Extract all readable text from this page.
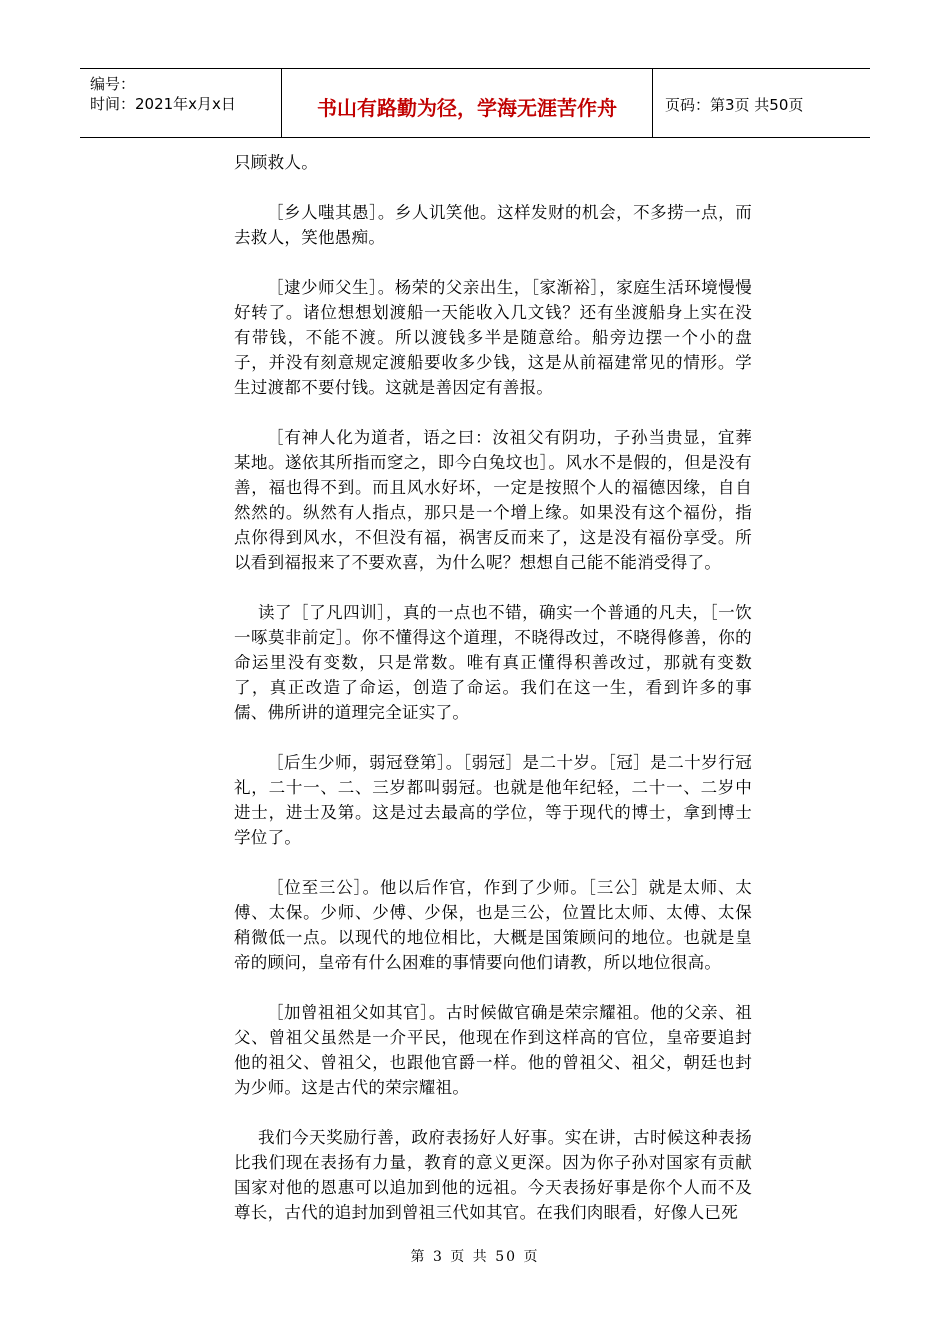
编号：
时间：2021年x月x日	书山有路勤为径，学海无涯苦作舟	页码：第3页 共50页

只顾救人。

［乡人嗤其愚］。乡人讥笑他。这样发财的机会，不多捞一点，而去救人，笑他愚痴。

［逮少师父生］。杨荣的父亲出生，［家渐裕］，家庭生活环境慢慢好转了。诸位想想划渡船一天能收入几文钱？还有坐渡船身上实在没有带钱，不能不渡。所以渡钱多半是随意给。船旁边摆一个小的盘子，并没有刻意规定渡船要收多少钱，这是从前福建常见的情形。学生过渡都不要付钱。这就是善因定有善报。

［有神人化为道者，语之曰：汝祖父有阴功，子孙当贵显，宜葬某地。遂依其所指而窆之，即今白兔坟也］。风水不是假的，但是没有善，福也得不到。而且风水好坏，一定是按照个人的福德因缘，自自然然的。纵然有人指点，那只是一个增上缘。如果没有这个福份，指点你得到风水，不但没有福，祸害反而来了，这是没有福份享受。所以看到福报来了不要欢喜，为什么呢？想想自己能不能消受得了。

读了［了凡四训］，真的一点也不错，确实一个普通的凡夫，［一饮一啄莫非前定］。你不懂得这个道理，不晓得改过，不晓得修善，你的命运里没有变数，只是常数。唯有真正懂得积善改过，那就有变数了，真正改造了命运，创造了命运。我们在这一生，看到许多的事儒、佛所讲的道理完全证实了。

［后生少师，弱冠登第］。［弱冠］是二十岁。［冠］是二十岁行冠礼，二十一、二、三岁都叫弱冠。也就是他年纪轻，二十一、二岁中进士，进士及第。这是过去最高的学位，等于现代的博士，拿到博士学位了。

［位至三公］。他以后作官，作到了少师。［三公］就是太师、太傅、太保。少师、少傅、少保，也是三公，位置比太师、太傅、太保稍微低一点。以现代的地位相比，大概是国策顾问的地位。也就是皇帝的顾问，皇帝有什么困难的事情要向他们请教，所以地位很高。

［加曾祖祖父如其官］。古时候做官确是荣宗耀祖。他的父亲、祖父、曾祖父虽然是一介平民，他现在作到这样高的官位，皇帝要追封他的祖父、曾祖父，也跟他官爵一样。他的曾祖父、祖父，朝廷也封为少师。这是古代的荣宗耀祖。

我们今天奖励行善，政府表扬好人好事。实在讲，古时候这种表扬比我们现在表扬有力量，教育的意义更深。因为你子孙对国家有贡献国家对他的恩惠可以追加到他的远祖。今天表扬好事是你个人而不及尊长，古代的追封加到曾祖三代如其官。在我们肉眼看，好像人已死

第 3 页 共 50 页
